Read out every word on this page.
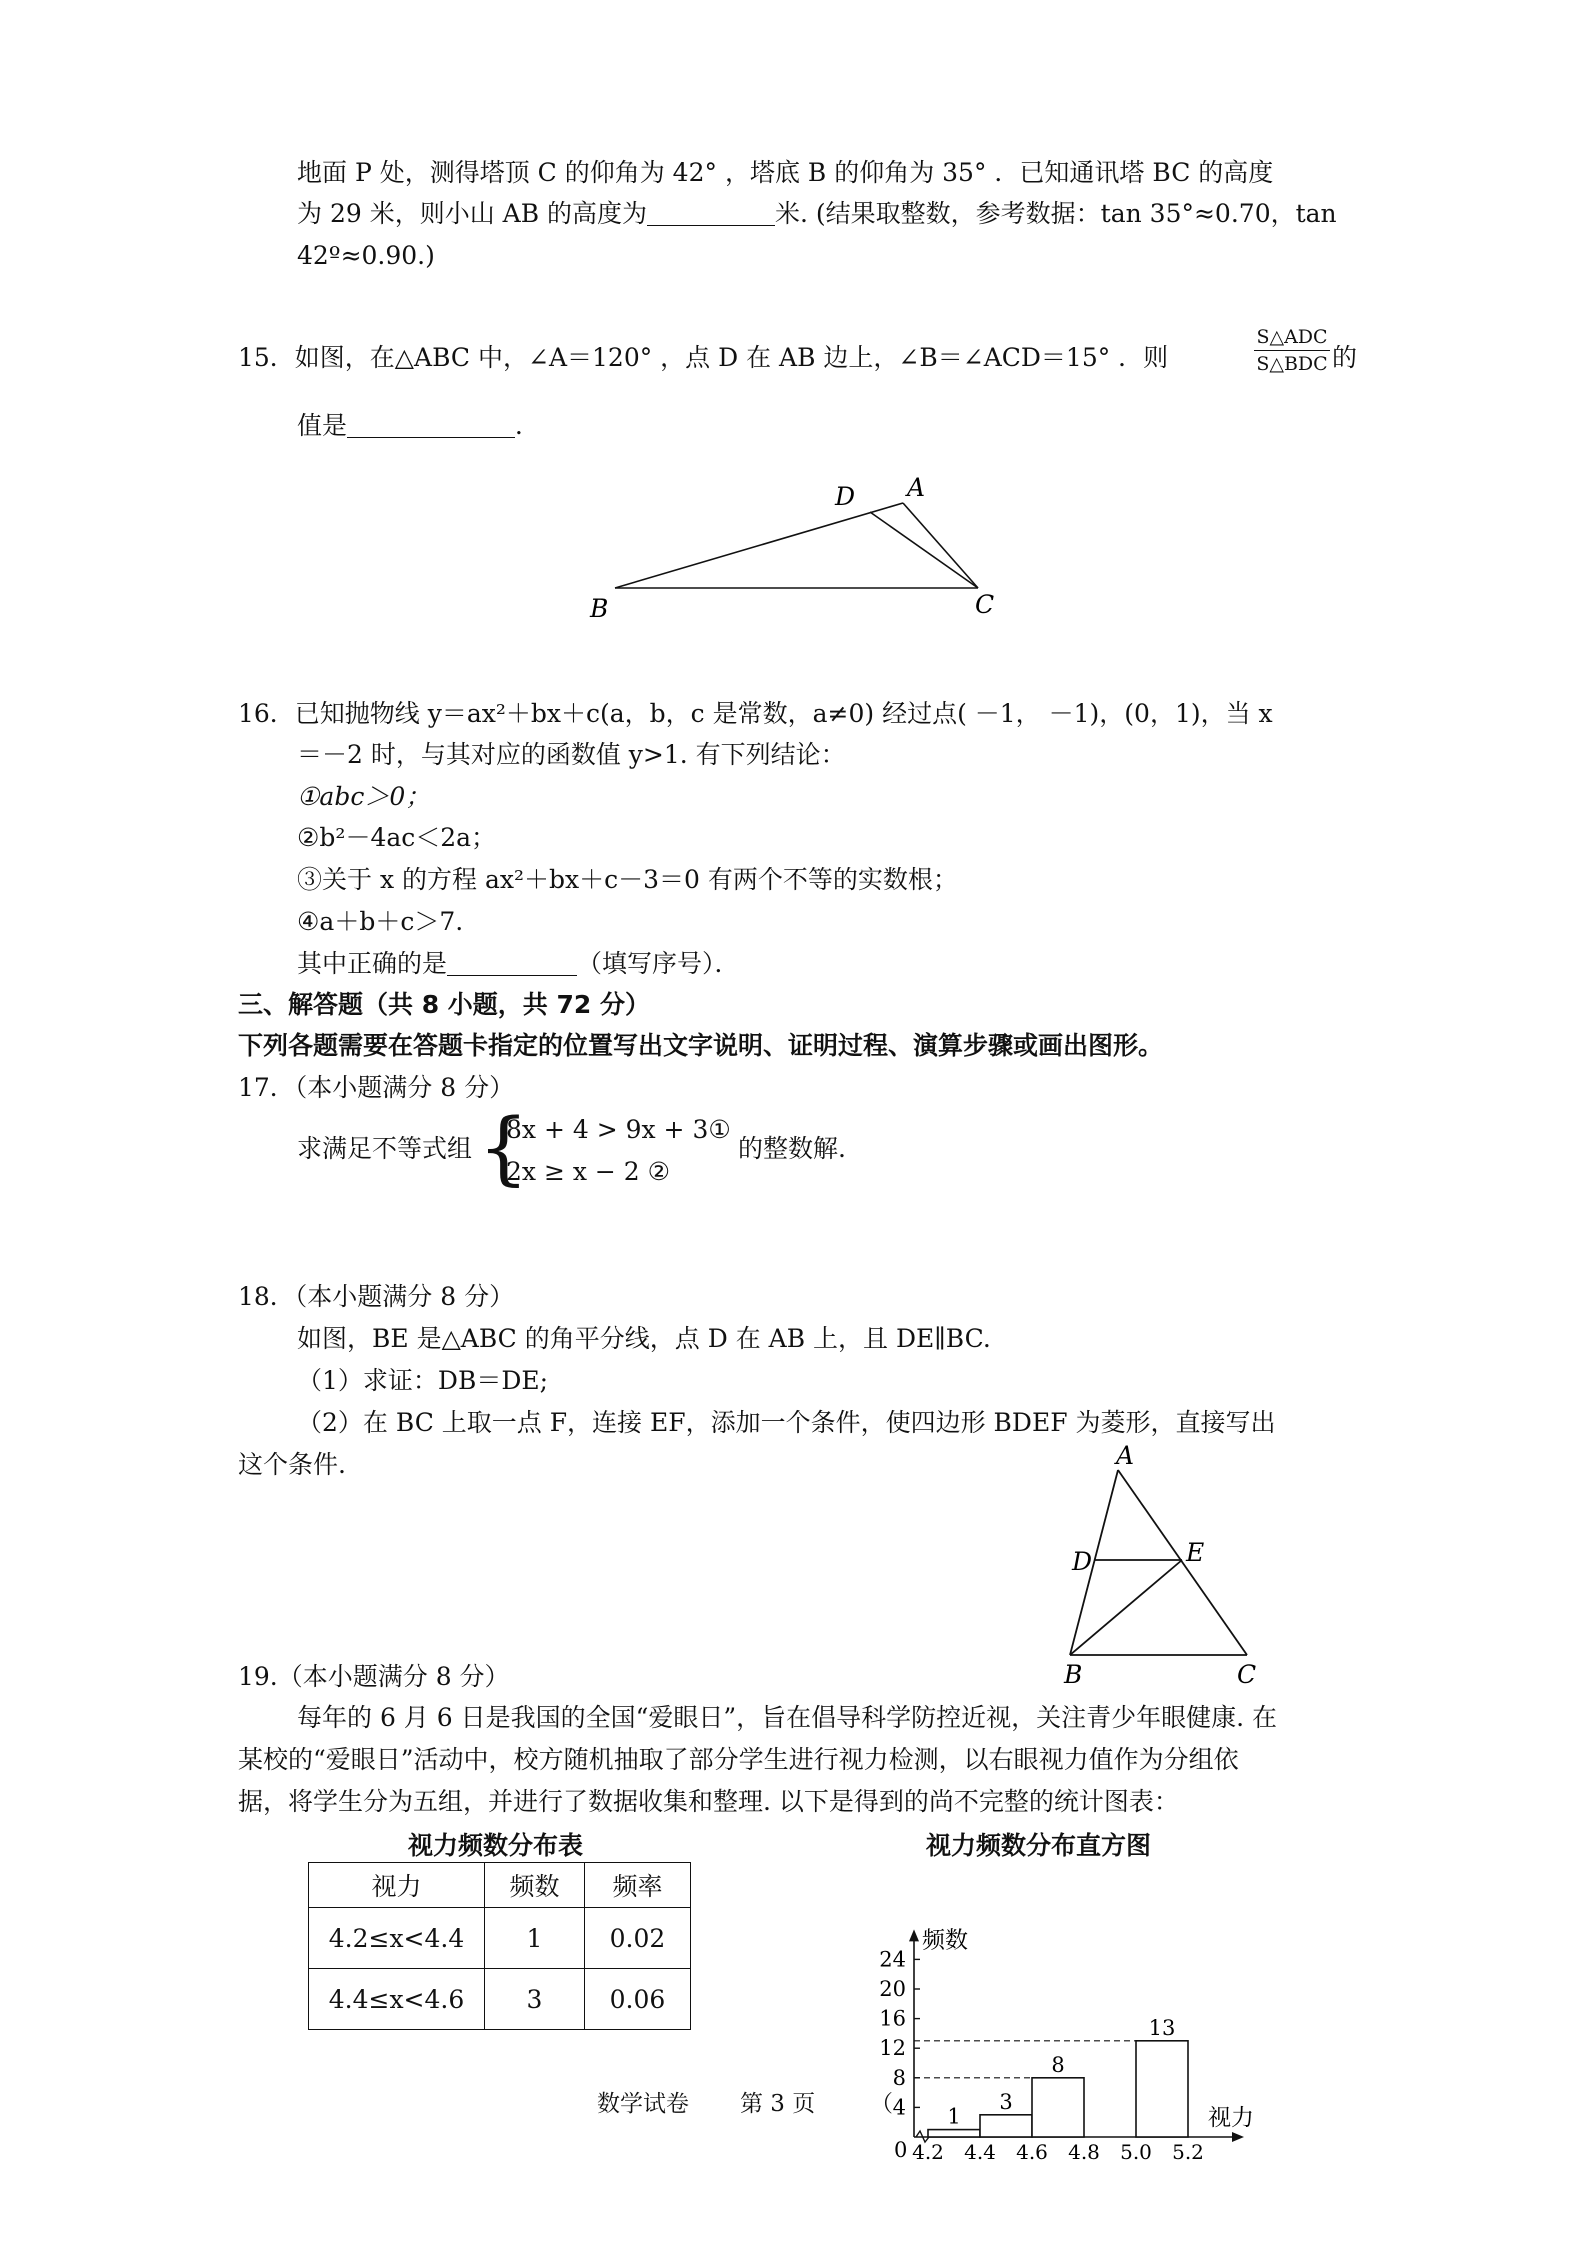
地面 P 处，测得塔顶 C 的仰角为 42° ，塔底 B 的仰角为 35° ．已知通讯塔 BC 的高度
为 29 米，则小山 AB 的高度为	米. (结果取整数，参考数据：tan 35°≈0.70，tan
42º≈0.90.)
15．如图，在△ABC 中，∠A＝120° ，点 D 在 AB 边上，∠B＝∠ACD＝15° ．则
S△ADC
S△BDC 的
值是	．
D A
B	C
16．已知抛物线 y＝ax²＋bx＋c(a，b，c 是常数，a≠0) 经过点( －1， －1)，(0，1)，当 x
＝－2 时，与其对应的函数值 y>1. 有下列结论：
①abc＞0；
②b²－4ac＜2a；
③关于 x 的方程 ax²＋bx＋c－3＝0 有两个不等的实数根；
④a＋b＋c＞7.
其中正确的是	（填写序号）．
三、解答题（共 8 小题，共 72 分）
下列各题需要在答题卡指定的位置写出文字说明、证明过程、演算步骤或画出图形。
17．（本小题满分 8 分）
求满足不等式组 {
8x + 4 > 9x + 3①
2x ≥ x − 2 ②
的整数解.
18．（本小题满分 8 分）
如图，BE 是△ABC 的角平分线，点 D 在 AB 上，且 DE∥BC.
（1）求证：DB＝DE;
（2）在 BC 上取一点 F，连接 EF，添加一个条件，使四边形 BDEF 为菱形，直接写出
这个条件.	A
D	E
B	C
19.（本小题满分 8 分）
每年的 6 月 6 日是我国的全国“爱眼日”，旨在倡导科学防控近视，关注青少年眼健康. 在
某校的“爱眼日”活动中，校方随机抽取了部分学生进行视力检测，以右眼视力值作为分组依
据，将学生分为五组，并进行了数据收集和整理. 以下是得到的尚不完整的统计图表：
视力频数分布表
视力	频数	频率
4.2≤x<4.4	1	0.02
4.4≤x<4.6	3	0.06
视力频数分布直方图
频数
视力
0
4
8
12
16
20
24
4.2 4.4 4.6 4.8 5.0 5.2
1
3
8
13
数学试卷 第 3 页 （
